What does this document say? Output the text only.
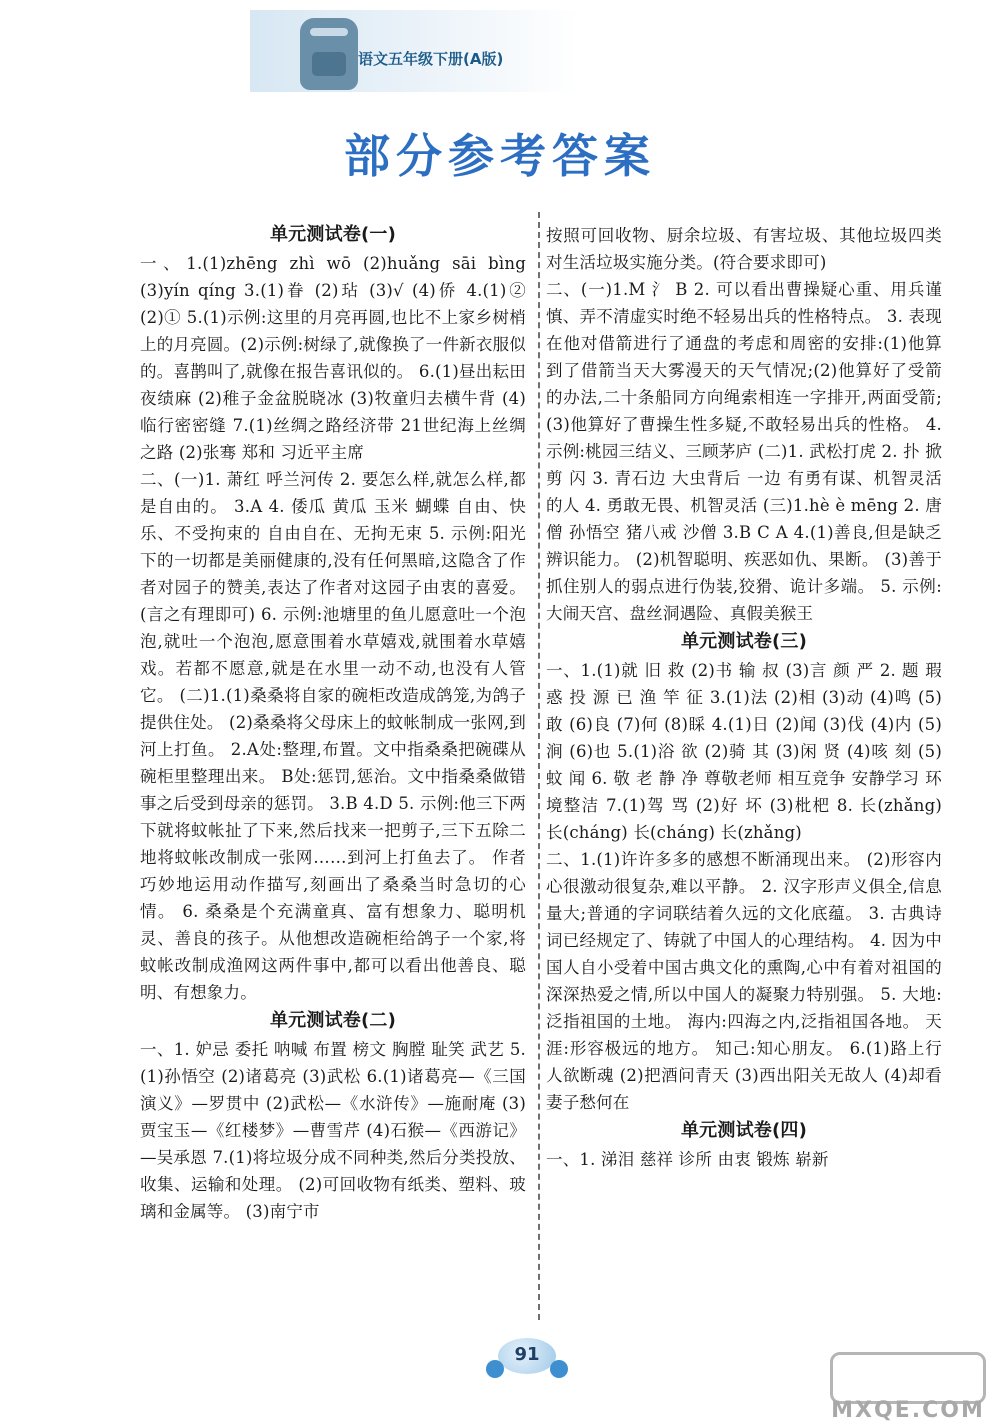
语文五年级下册(A版)
部分参考答案
单元测试卷(一)

一、1.(1)zhēng zhì wō (2)huǎng sāi bìng (3)yín qíng 3.(1)眷 (2)玷 (3)√ (4)侨 4.(1)② (2)① 5.(1)示例:这里的月亮再圆,也比不上家乡树梢上的月亮圆。(2)示例:树绿了,就像换了一件新衣服似的。喜鹊叫了,就像在报告喜讯似的。 6.(1)昼出耘田夜绩麻 (2)稚子金盆脱晓冰 (3)牧童归去横牛背 (4)临行密密缝 7.(1)丝绸之路经济带 21世纪海上丝绸之路 (2)张骞 郑和 习近平主席

二、(一)1. 萧红 呼兰河传 2. 要怎么样,就怎么样,都是自由的。 3.A 4. 倭瓜 黄瓜 玉米 蝴蝶 自由、快乐、不受拘束的 自由自在、无拘无束 5. 示例:阳光下的一切都是美丽健康的,没有任何黑暗,这隐含了作者对园子的赞美,表达了作者对这园子由衷的喜爱。(言之有理即可) 6. 示例:池塘里的鱼儿愿意吐一个泡泡,就吐一个泡泡,愿意围着水草嬉戏,就围着水草嬉戏。若都不愿意,就是在水里一动不动,也没有人管它。 (二)1.(1)桑桑将自家的碗柜改造成鸽笼,为鸽子提供住处。 (2)桑桑将父母床上的蚊帐制成一张网,到河上打鱼。 2.A处:整理,布置。文中指桑桑把碗碟从碗柜里整理出来。 B处:惩罚,惩治。文中指桑桑做错事之后受到母亲的惩罚。 3.B 4.D 5. 示例:他三下两下就将蚊帐扯了下来,然后找来一把剪子,三下五除二地将蚊帐改制成一张网……到河上打鱼去了。 作者巧妙地运用动作描写,刻画出了桑桑当时急切的心情。 6. 桑桑是个充满童真、富有想象力、聪明机灵、善良的孩子。从他想改造碗柜给鸽子一个家,将蚊帐改制成渔网这两件事中,都可以看出他善良、聪明、有想象力。

单元测试卷(二)

一、1. 妒忌 委托 呐喊 布置 榜文 胸膛 耻笑 武艺 5.(1)孙悟空 (2)诸葛亮 (3)武松 6.(1)诸葛亮—《三国演义》—罗贯中 (2)武松—《水浒传》—施耐庵 (3)贾宝玉—《红楼梦》—曹雪芹 (4)石猴—《西游记》—吴承恩 7.(1)将垃圾分成不同种类,然后分类投放、收集、运输和处理。 (2)可回收物有纸类、塑料、玻璃和金属等。 (3)南宁市

按照可回收物、厨余垃圾、有害垃圾、其他垃圾四类对生活垃圾实施分类。(符合要求即可)

二、(一)1.M 氵 B 2. 可以看出曹操疑心重、用兵谨慎、弄不清虚实时绝不轻易出兵的性格特点。 3. 表现在他对借箭进行了通盘的考虑和周密的安排:(1)他算到了借箭当天大雾漫天的天气情况;(2)他算好了受箭的办法,二十条船同方向绳索相连一字排开,两面受箭;(3)他算好了曹操生性多疑,不敢轻易出兵的性格。 4. 示例:桃园三结义、三顾茅庐 (二)1. 武松打虎 2. 扑 掀 剪 闪 3. 青石边 大虫背后 一边 有勇有谋、机智灵活的人 4. 勇敢无畏、机智灵活 (三)1.hè è mēng 2. 唐僧 孙悟空 猪八戒 沙僧 3.B C A 4.(1)善良,但是缺乏辨识能力。 (2)机智聪明、疾恶如仇、果断。 (3)善于抓住别人的弱点进行伪装,狡猾、诡计多端。 5. 示例:大闹天宫、盘丝洞遇险、真假美猴王

单元测试卷(三)

一、1.(1)就 旧 救 (2)书 输 叔 (3)言 颜 严 2. 题 瑕 惑 投 源 已 渔 竿 征 3.(1)法 (2)相 (3)动 (4)鸣 (5)敢 (6)良 (7)何 (8)睬 4.(1)日 (2)闻 (3)伐 (4)内 (5)涧 (6)也 5.(1)浴 欲 (2)骑 其 (3)闲 贤 (4)咳 刻 (5)蚊 闻 6. 敬 老 静 净 尊敬老师 相互竞争 安静学习 环境整洁 7.(1)驾 骂 (2)好 坏 (3)枇杷 8. 长(zhǎng) 长(cháng) 长(cháng) 长(zhǎng)

二、1.(1)许许多多的感想不断涌现出来。 (2)形容内心很激动很复杂,难以平静。 2. 汉字形声义俱全,信息量大;普通的字词联结着久远的文化底蕴。 3. 古典诗词已经规定了、铸就了中国人的心理结构。 4. 因为中国人自小受着中国古典文化的熏陶,心中有着对祖国的深深热爱之情,所以中国人的凝聚力特别强。 5. 大地:泛指祖国的土地。 海内:四海之内,泛指祖国各地。 天涯:形容极远的地方。 知己:知心朋友。 6.(1)路上行人欲断魂 (2)把酒问青天 (3)西出阳关无故人 (4)却看妻子愁何在

单元测试卷(四)

一、1. 涕泪 慈祥 诊所 由衷 锻炼 崭新

91
MXQE.COM
